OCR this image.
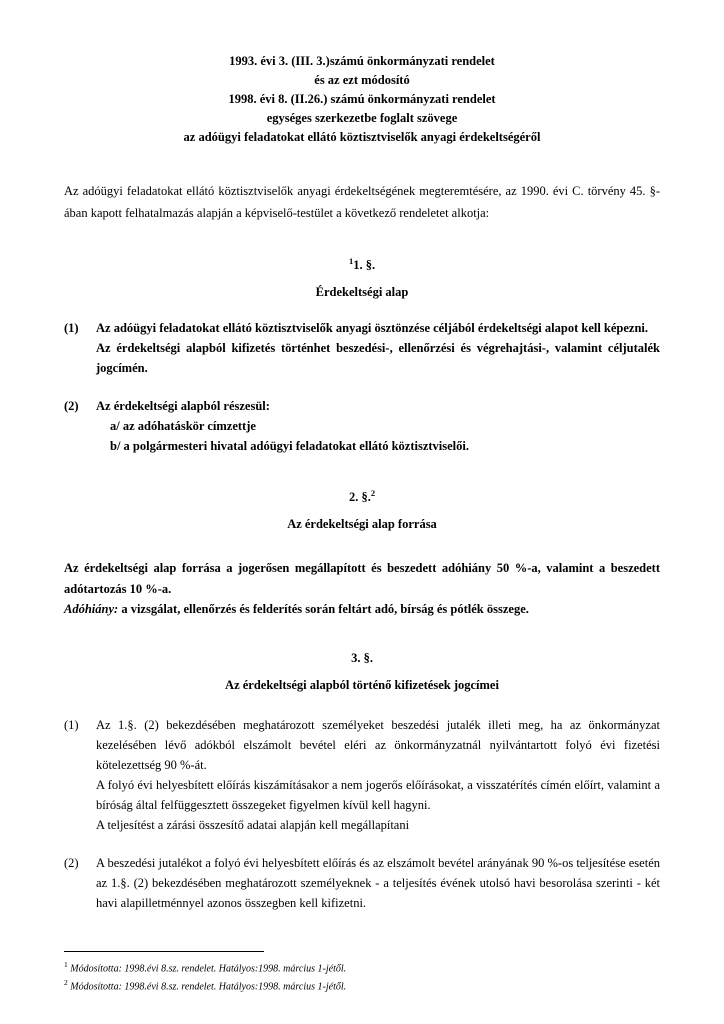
1993. évi 3. (III. 3.)számú önkormányzati rendelet
és az ezt módosító
1998. évi 8. (II.26.) számú önkormányzati rendelet
egységes szerkezetbe foglalt szövege
az adóügyi feladatokat ellátó köztisztviselők anyagi érdekeltségéről

Az adóügyi feladatokat ellátó köztisztviselők anyagi érdekeltségének megteremtésére, az 1990. évi C. törvény 45. §-ában kapott felhatalmazás alapján a képviselő-testület a következő rendeletet alkotja:

$^1$1. §.
Érdekeltségi alap
(1)	Az adóügyi feladatokat ellátó köztisztviselők anyagi ösztönzése céljából érdekeltségi alapot kell képezni.

Az érdekeltségi alapból kifizetés történhet beszedési-, ellenőrzési és végrehajtási-, valamint céljutalék jogcímén.

(2)	Az érdekeltségi alapból részesül:

a/ az adóhatáskör címzettje

b/ a polgármesteri hivatal adóügyi feladatokat ellátó köztisztviselői.

2. §.$^2$
Az érdekeltségi alap forrása

Az érdekeltségi alap forrása a jogerősen megállapított és beszedett adóhiány 50 %-a, valamint a beszedett adótartozás 10 %-a.

Adóhiány: a vizsgálat, ellenőrzés és felderítés során feltárt adó, bírság és pótlék összege.

3. §.
Az érdekeltségi alapból történő kifizetések jogcímei
(1)	Az 1.§. (2) bekezdésében meghatározott személyeket beszedési jutalék illeti meg, ha az önkormányzat kezelésében lévő adókból elszámolt bevétel eléri az önkormányzatnál nyilvántartott folyó évi fizetési kötelezettség 90 %-át.

A folyó évi helyesbített előírás kiszámításakor a nem jogerős előírásokat, a visszatérítés címén előírt, valamint a bíróság által felfüggesztett összegeket figyelmen kívül kell hagyni.

A teljesítést a zárási összesítő adatai alapján kell megállapítani

(2)	A beszedési jutalékot a folyó évi helyesbített előírás és az elszámolt bevétel arányának 90 %-os teljesítése esetén az 1.§. (2) bekezdésében meghatározott személyeknek - a teljesítés évének utolsó havi besorolása szerinti - két havi alapilletménnyel azonos összegben kell kifizetni.

$^1$ Módosította: 1998.évi 8.sz. rendelet. Hatályos:1998. március 1-jétől.
$^2$ Módosította: 1998.évi 8.sz. rendelet. Hatályos:1998. március 1-jétől.
